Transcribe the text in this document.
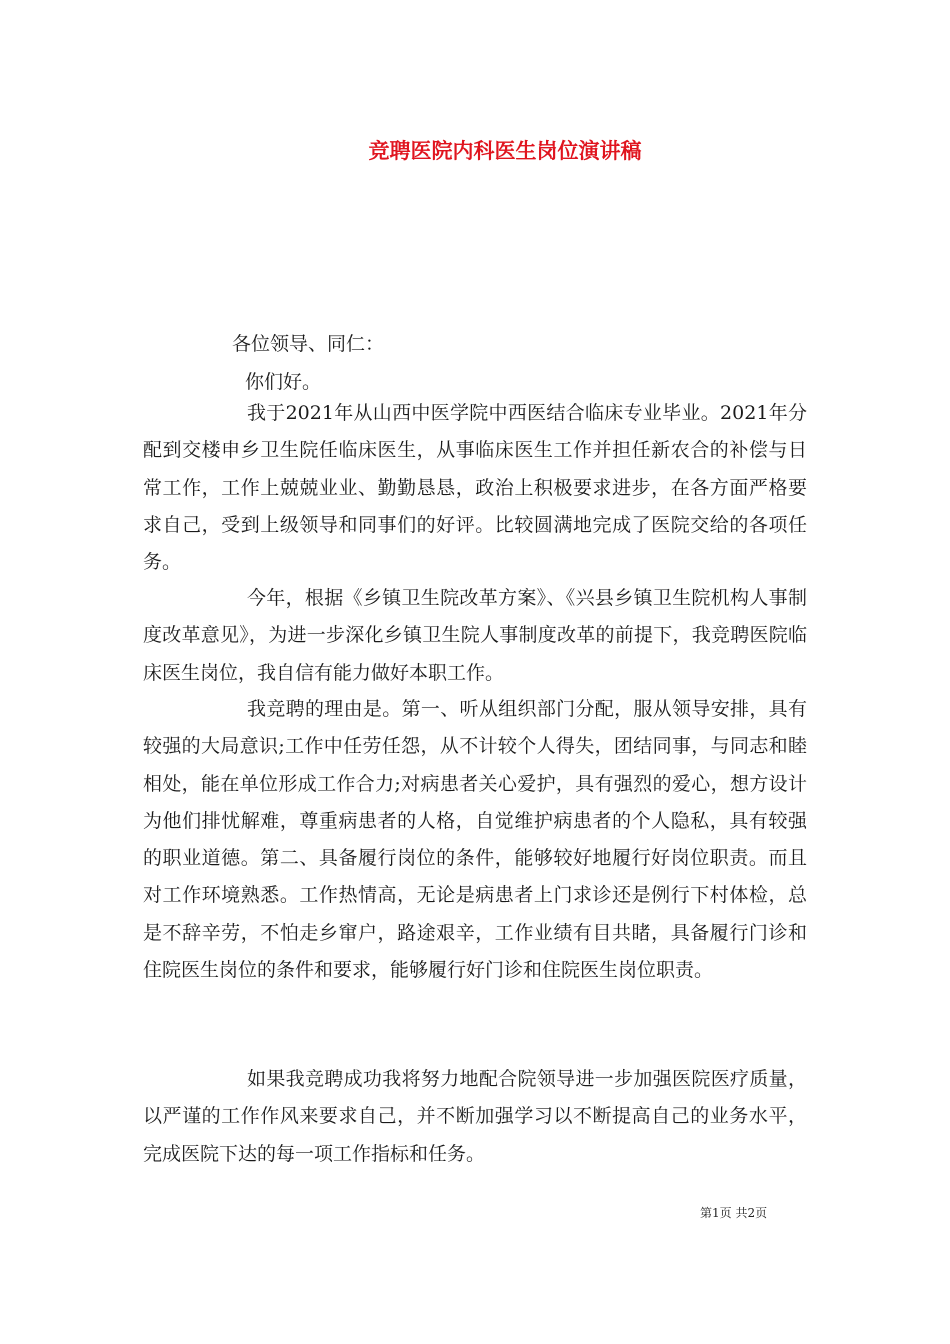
竞聘医院内科医生岗位演讲稿

各位领导、同仁：

你们好。

我于2021年从山西中医学院中西医结合临床专业毕业。2021年分配到交楼申乡卫生院任临床医生，从事临床医生工作并担任新农合的补偿与日常工作，工作上兢兢业业、勤勤恳恳，政治上积极要求进步，在各方面严格要求自己，受到上级领导和同事们的好评。比较圆满地完成了医院交给的各项任务。

今年，根据《乡镇卫生院改革方案》、《兴县乡镇卫生院机构人事制度改革意见》，为进一步深化乡镇卫生院人事制度改革的前提下，我竞聘医院临床医生岗位，我自信有能力做好本职工作。

我竞聘的理由是。第一、听从组织部门分配，服从领导安排，具有较强的大局意识;工作中任劳任怨，从不计较个人得失，团结同事，与同志和睦相处，能在单位形成工作合力;对病患者关心爱护，具有强烈的爱心，想方设计为他们排忧解难，尊重病患者的人格，自觉维护病患者的个人隐私，具有较强的职业道德。第二、具备履行岗位的条件，能够较好地履行好岗位职责。而且对工作环境熟悉。工作热情高，无论是病患者上门求诊还是例行下村体检，总是不辞辛劳，不怕走乡窜户，路途艰辛，工作业绩有目共睹，具备履行门诊和住院医生岗位的条件和要求，能够履行好门诊和住院医生岗位职责。

如果我竞聘成功我将努力地配合院领导进一步加强医院医疗质量，以严谨的工作作风来要求自己，并不断加强学习以不断提高自己的业务水平，完成医院下达的每一项工作指标和任务。

第1页 共2页
